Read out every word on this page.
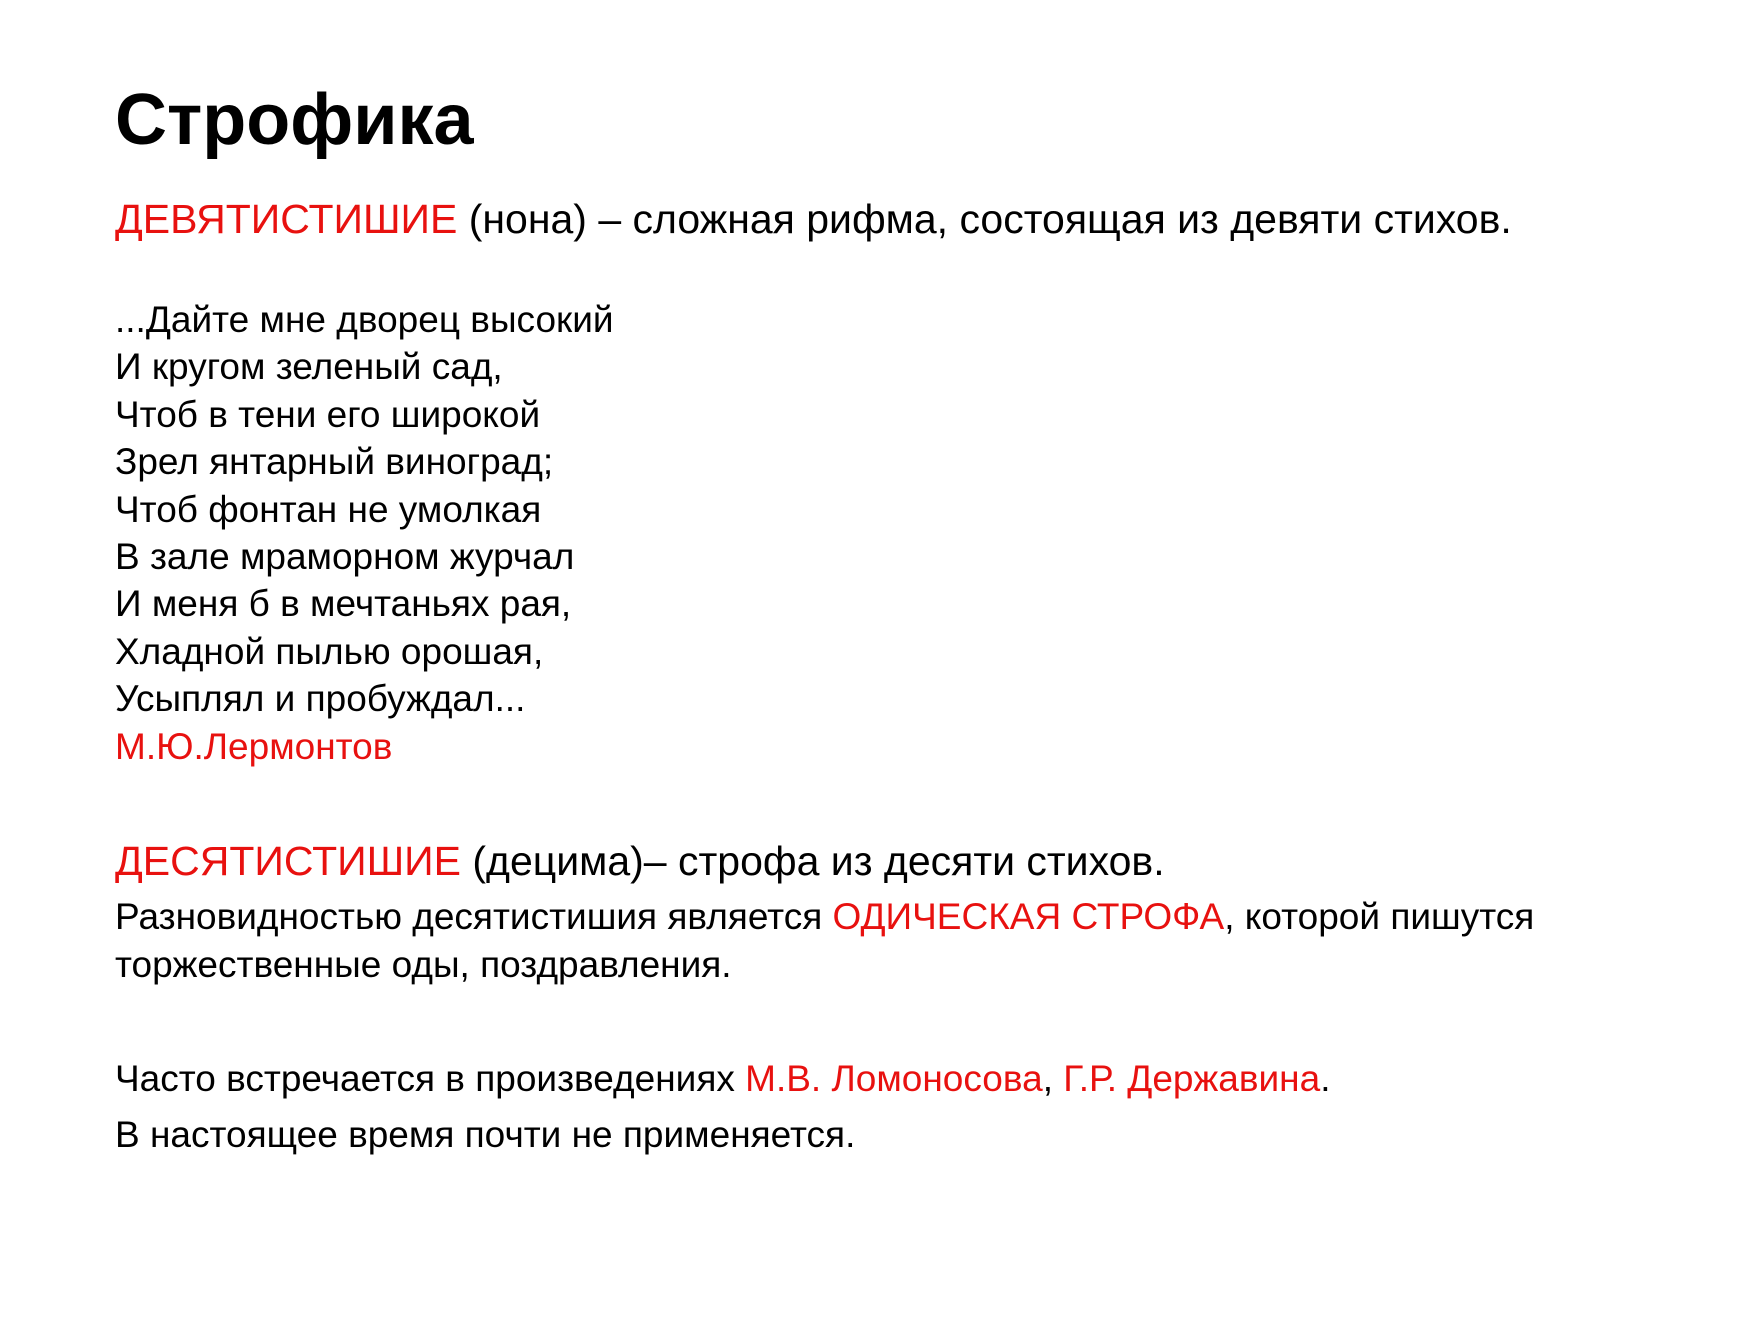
Строфика

ДЕВЯТИСТИШИЕ (нона) – сложная рифма, состоящая из девяти стихов.

...Дайте мне дворец высокий
И кругом зеленый сад,
Чтоб в тени его широкой
Зрел янтарный виноград;
Чтоб фонтан не умолкая
В зале мраморном журчал
И меня б в мечтаньях рая,
Хладной пылью орошая,
Усыплял и пробуждал...
М.Ю.Лермонтов

ДЕСЯТИСТИШИЕ (децима)– строфа из десяти стихов.

Разновидностью десятистишия является ОДИЧЕСКАЯ СТРОФА, которой пишутся

торжественные оды, поздравления.

Часто встречается в произведениях М.В. Ломоносова, Г.Р. Державина.

В настоящее время почти не применяется.
